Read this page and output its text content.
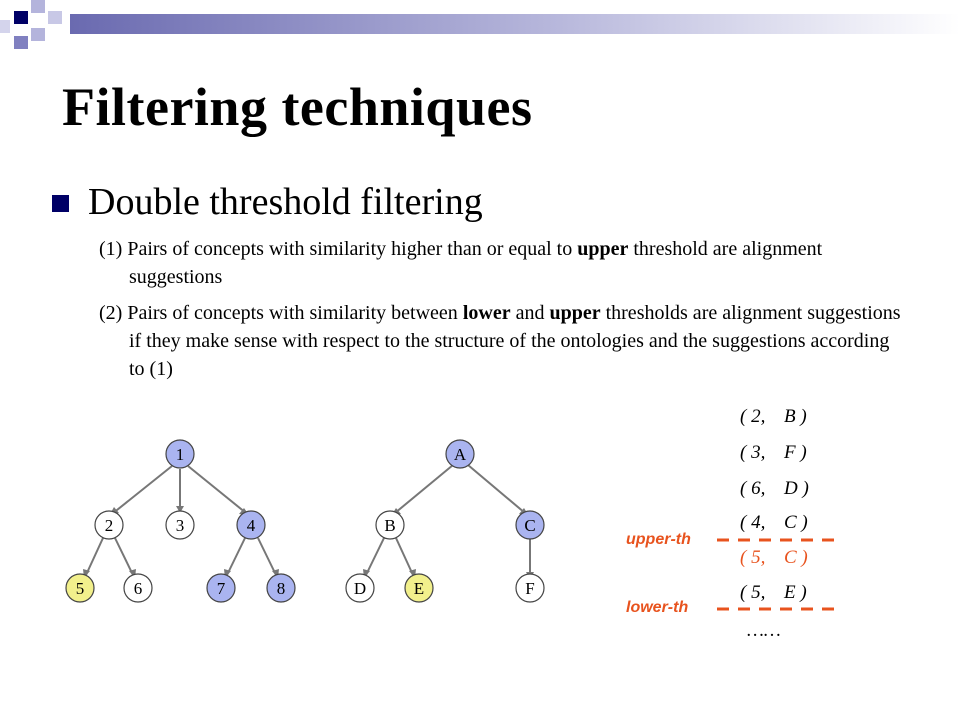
Filtering techniques
Double threshold filtering
(1) Pairs of concepts with similarity higher than or equal to upper threshold are alignment suggestions
(2) Pairs of concepts with similarity between lower and upper thresholds are alignment suggestions if they make sense with respect to the structure of the ontologies and the suggestions according to (1)
1
2	3	4
5	6	7	8
A
B	C
D	E	F
( 2, B )
( 3, F )
( 6, D )
( 4, C )
( 5, C )
( 5, E )
……
upper-th
lower-th
